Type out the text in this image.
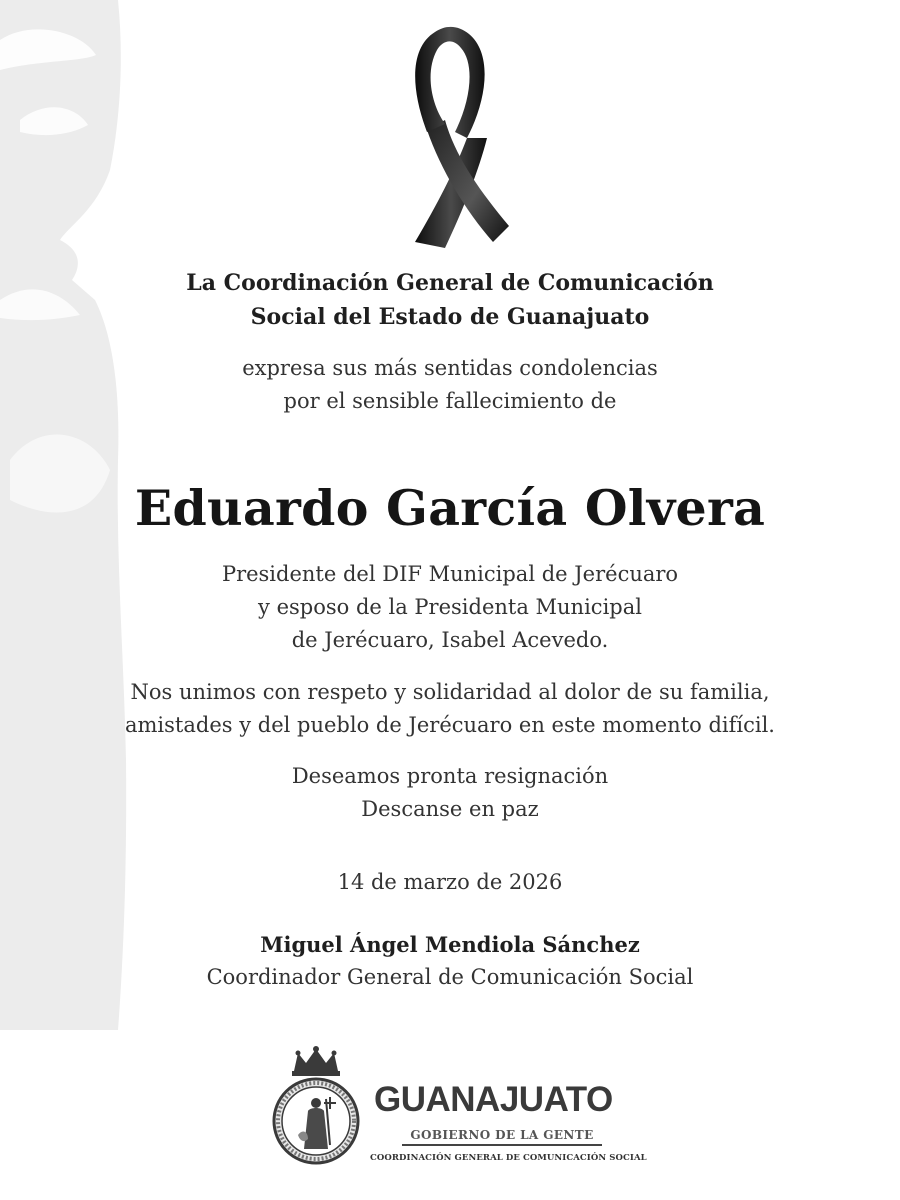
La Coordinación General de Comunicación
Social del Estado de Guanajuato
expresa sus más sentidas condolencias
por el sensible fallecimiento de
Eduardo García Olvera
Presidente del DIF Municipal de Jerécuaro
y esposo de la Presidenta Municipal
de Jerécuaro, Isabel Acevedo.
Nos unimos con respeto y solidaridad al dolor de su familia,
amistades y del pueblo de Jerécuaro en este momento difícil.
Deseamos pronta resignación
Descanse en paz
14 de marzo de 2026
Miguel Ángel Mendiola Sánchez
Coordinador General de Comunicación Social
GUANAJUATO
GOBIERNO DE LA GENTE
COORDINACIÓN GENERAL DE COMUNICACIÓN SOCIAL
